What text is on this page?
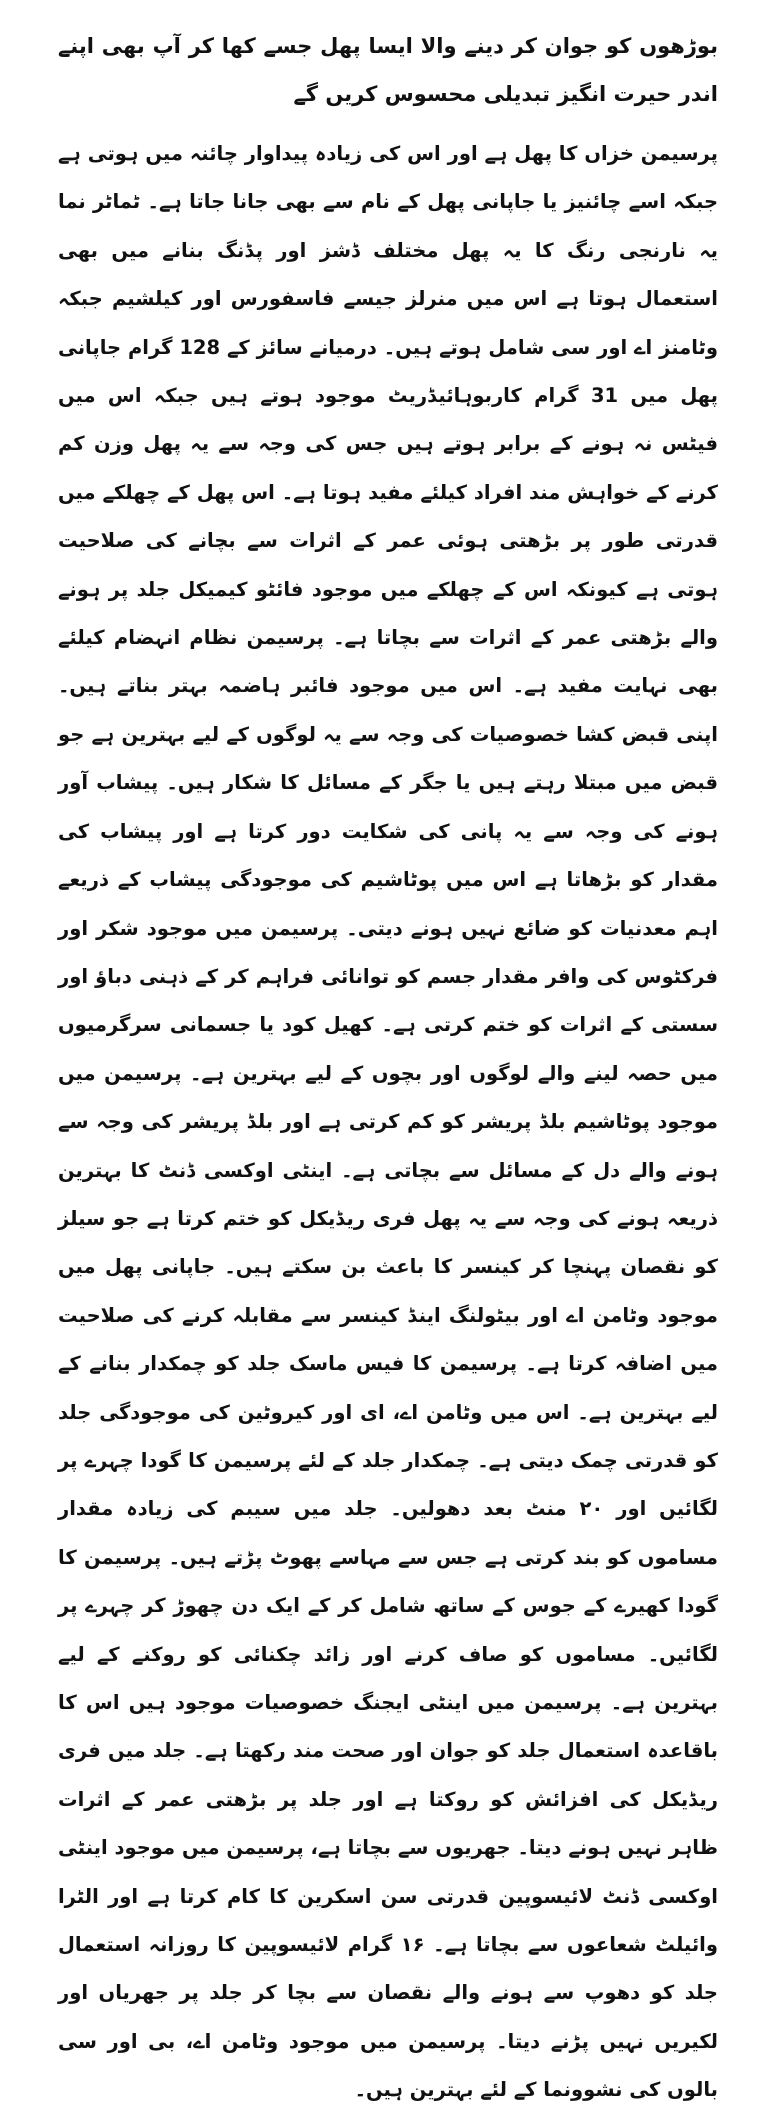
بوڑھوں کو جوان کر دینے والا ایسا پھل جسے کھا کر آپ بھی اپنے اندر حیرت انگیز تبدیلی محسوس کریں گے

پرسیمن خزاں کا پھل ہے اور اس کی زیادہ پیداوار چائنہ میں ہوتی ہے جبکہ اسے چائنیز یا جاپانی پھل کے نام سے بھی جانا جاتا ہے۔ ٹماٹر نما یہ نارنجی رنگ کا یہ پھل مختلف ڈشز اور پڈنگ بنانے میں بھی استعمال ہوتا ہے اس میں منرلز جیسے فاسفورس اور کیلشیم جبکہ وٹامنز اے اور سی شامل ہوتے ہیں۔ درمیانے سائز کے 128 گرام جاپانی پھل میں 31 گرام کاربوہائیڈریٹ موجود ہوتے ہیں جبکہ اس میں فیٹس نہ ہونے کے برابر ہوتے ہیں جس کی وجہ سے یہ پھل وزن کم کرنے کے خواہش مند افراد کیلئے مفید ہوتا ہے۔ اس پھل کے چھلکے میں قدرتی طور پر بڑھتی ہوئی عمر کے اثرات سے بچانے کی صلاحیت ہوتی ہے کیونکہ اس کے چھلکے میں موجود فائٹو کیمیکل جلد پر ہونے والے بڑھتی عمر کے اثرات سے بچاتا ہے۔ پرسیمن نظام انہضام کیلئے بھی نہایت مفید ہے۔ اس میں موجود فائبر ہاضمہ بہتر بناتے ہیں۔ اپنی قبض کشا خصوصیات کی وجہ سے یہ لوگوں کے لیے بہترین ہے جو قبض میں مبتلا رہتے ہیں یا جگر کے مسائل کا شکار ہیں۔ پیشاب آور ہونے کی وجہ سے یہ پانی کی شکایت دور کرتا ہے اور پیشاب کی مقدار کو بڑھاتا ہے اس میں پوٹاشیم کی موجودگی پیشاب کے ذریعے اہم معدنیات کو ضائع نہیں ہونے دیتی۔ پرسیمن میں موجود شکر اور فرکٹوس کی وافر مقدار جسم کو توانائی فراہم کر کے ذہنی دباؤ اور سستی کے اثرات کو ختم کرتی ہے۔ کھیل کود یا جسمانی سرگرمیوں میں حصہ لینے والے لوگوں اور بچوں کے لیے بہترین ہے۔ پرسیمن میں موجود پوٹاشیم بلڈ پریشر کو کم کرتی ہے اور بلڈ پریشر کی وجہ سے ہونے والے دل کے مسائل سے بچاتی ہے۔ اینٹی اوکسی ڈنٹ کا بہترین ذریعہ ہونے کی وجہ سے یہ پھل فری ریڈیکل کو ختم کرتا ہے جو سیلز کو نقصان پہنچا کر کینسر کا باعث بن سکتے ہیں۔ جاپانی پھل میں موجود وٹامن اے اور بیٹولنگ اینڈ کینسر سے مقابلہ کرنے کی صلاحیت میں اضافہ کرتا ہے۔ پرسیمن کا فیس ماسک جلد کو چمکدار بنانے کے لیے بہترین ہے۔ اس میں وٹامن اے، ای اور کیروٹین کی موجودگی جلد کو قدرتی چمک دیتی ہے۔ چمکدار جلد کے لئے پرسیمن کا گودا چہرے پر لگائیں اور ۲۰ منٹ بعد دھولیں۔ جلد میں سیبم کی زیادہ مقدار مساموں کو بند کرتی ہے جس سے مہاسے پھوٹ پڑتے ہیں۔ پرسیمن کا گودا کھیرے کے جوس کے ساتھ شامل کر کے ایک دن چھوڑ کر چہرے پر لگائیں۔ مساموں کو صاف کرنے اور زائد چکنائی کو روکنے کے لیے بہترین ہے۔ پرسیمن میں اینٹی ایجنگ خصوصیات موجود ہیں اس کا باقاعدہ استعمال جلد کو جوان اور صحت مند رکھتا ہے۔ جلد میں فری ریڈیکل کی افزائش کو روکتا ہے اور جلد پر بڑھتی عمر کے اثرات ظاہر نہیں ہونے دیتا۔ جھریوں سے بچاتا ہے، پرسیمن میں موجود اینٹی اوکسی ڈنٹ لائیسوپین قدرتی سن اسکرین کا کام کرتا ہے اور الٹرا وائیلٹ شعاعوں سے بچاتا ہے۔ ۱۶ گرام لائیسوپین کا روزانہ استعمال جلد کو دھوپ سے ہونے والے نقصان سے بچا کر جلد پر جھریاں اور لکیریں نہیں پڑنے دیتا۔ پرسیمن میں موجود وٹامن اے، بی اور سی بالوں کی نشوونما کے لئے بہترین ہیں۔
